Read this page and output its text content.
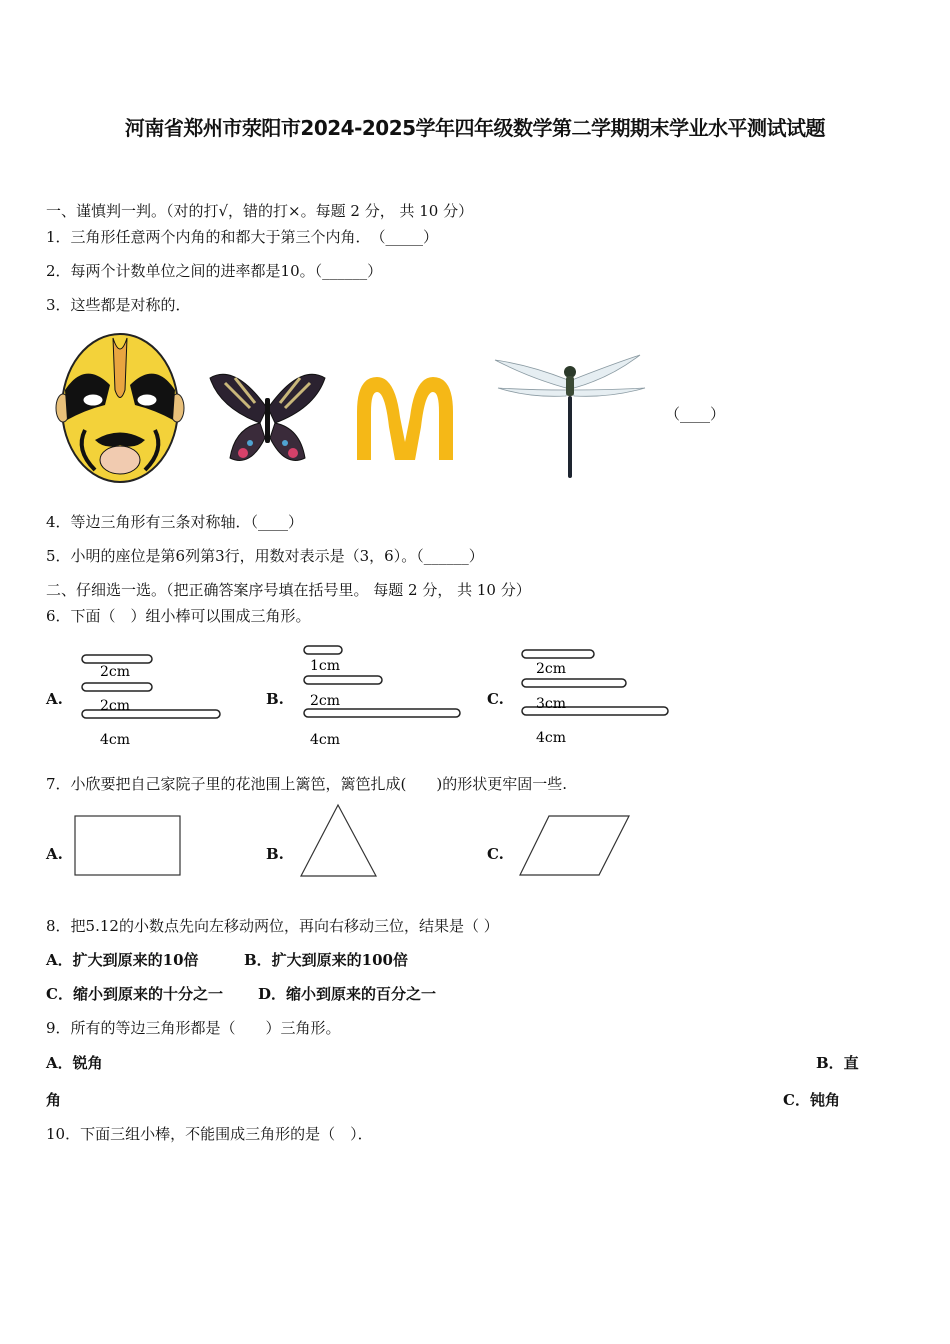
河南省郑州市荥阳市2024-2025学年四年级数学第二学期期末学业水平测试试题
一、谨慎判一判。（对的打√，错的打×。每题 2 分， 共 10 分）
1．三角形任意两个内角的和都大于第三个内角．　（_____）
2．每两个计数单位之间的进率都是10。（______）
3．这些都是对称的．
（____）
4．等边三角形有三条对称轴．（____）
5．小明的座位是第6列第3行，用数对表示是（3，6）。（______）
二、仔细选一选。（把正确答案序号填在括号里。 每题 2 分， 共 10 分）
6．下面（　）组小棒可以围成三角形。
A.
2cm
2cm
4cm
B.
1cm
2cm
4cm
C.
2cm
3cm
4cm
7．小欣要把自己家院子里的花池围上篱笆，篱笆扎成(　　)的形状更牢固一些.
A.	B.	C.
8．把5.12的小数点先向左移动两位，再向右移动三位，结果是（ ）
A．扩大到原来的10倍	B．扩大到原来的100倍
C．缩小到原来的十分之一 D．缩小到原来的百分之一
9．所有的等边三角形都是（　　）三角形。
A．锐角	B．直
角	C．钝角
10．下面三组小棒，不能围成三角形的是（　）．
